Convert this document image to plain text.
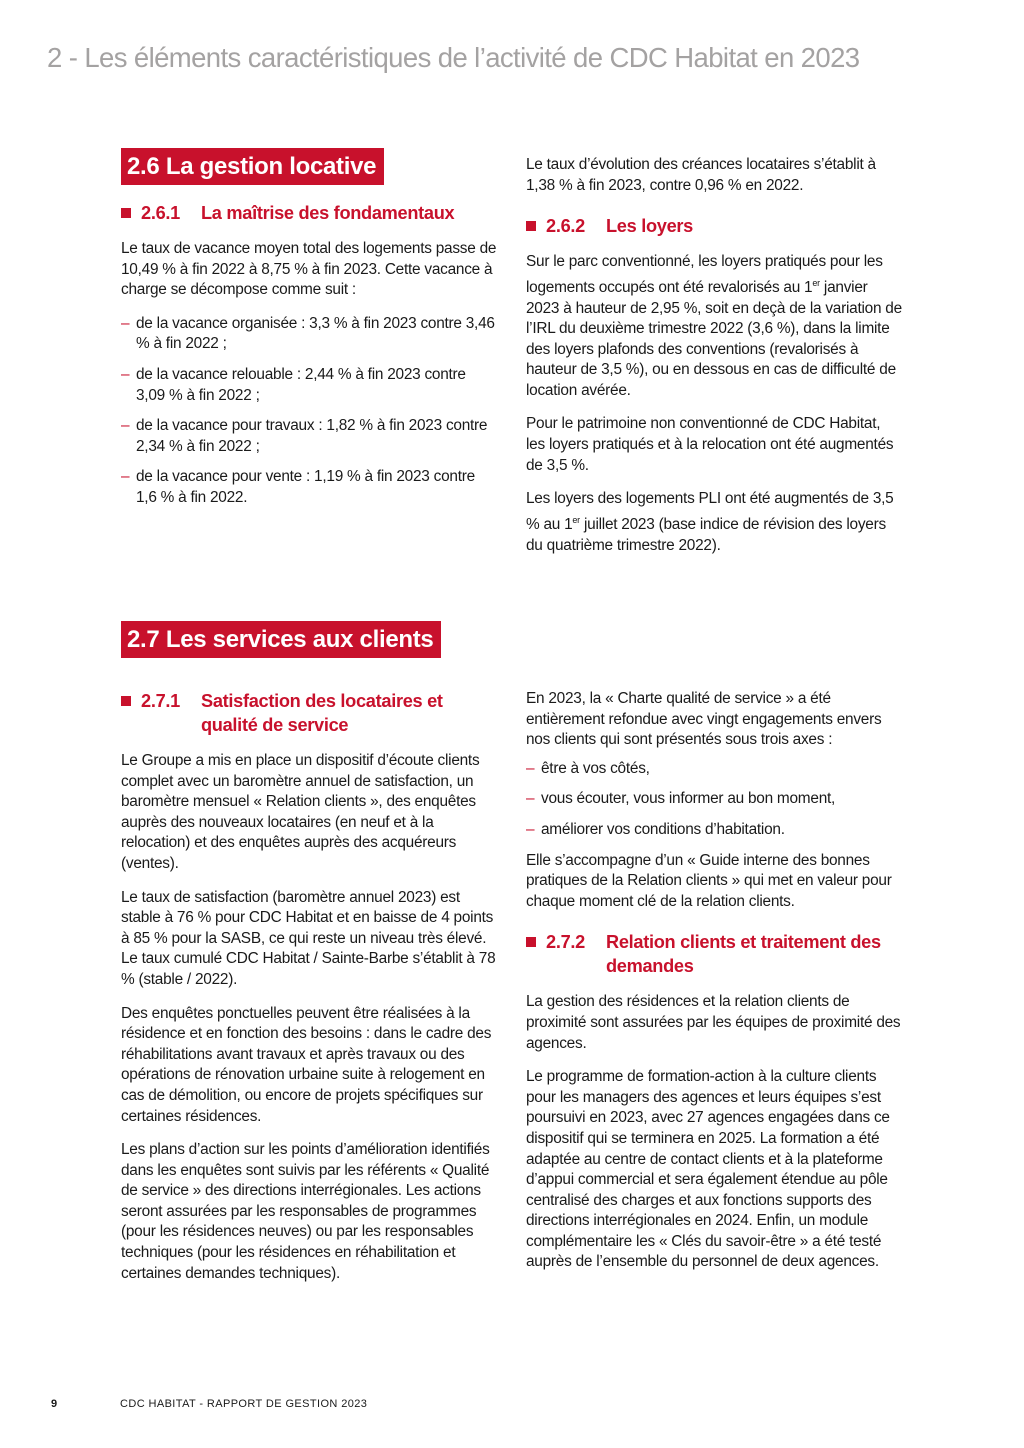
2 - Les éléments caractéristiques de l’activité de CDC Habitat en 2023
2.6 La gestion locative
2.6.1	La maîtrise des fondamentaux

Le taux de vacance moyen total des logements passe de 10,49 % à fin 2022 à 8,75 % à fin 2023. Cette vacance à charge se décompose comme suit :

– de la vacance organisée : 3,3 % à fin 2023 contre 3,46 % à fin 2022 ;
– de la vacance relouable : 2,44 % à fin 2023 contre 3,09 % à fin 2022 ;
– de la vacance pour travaux : 1,82 % à fin 2023 contre 2,34 % à fin 2022 ;
– de la vacance pour vente : 1,19 % à fin 2023 contre 1,6 % à fin 2022.

Le taux d’évolution des créances locataires s’établit à 1,38 % à fin 2023, contre 0,96 % en 2022.

2.6.2	Les loyers

Sur le parc conventionné, les loyers pratiqués pour les logements occupés ont été revalorisés au 1er janvier 2023 à hauteur de 2,95 %, soit en deçà de la variation de l’IRL du deuxième trimestre 2022 (3,6 %), dans la limite des loyers plafonds des conventions (revalorisés à hauteur de 3,5 %), ou en dessous en cas de difficulté de location avérée.

Pour le patrimoine non conventionné de CDC Habitat, les loyers pratiqués et à la relocation ont été augmentés de 3,5 %.

Les loyers des logements PLI ont été augmentés de 3,5 % au 1er juillet 2023 (base indice de révision des loyers du quatrième trimestre 2022).

2.7 Les services aux clients
2.7.1	Satisfaction des locataires et qualité de service

Le Groupe a mis en place un dispositif d’écoute clients complet avec un baromètre annuel de satisfaction, un baromètre mensuel « Relation clients », des enquêtes auprès des nouveaux locataires (en neuf et à la relocation) et des enquêtes auprès des acquéreurs (ventes).

Le taux de satisfaction (baromètre annuel 2023) est stable à 76 % pour CDC Habitat et en baisse de 4 points à 85 % pour la SASB, ce qui reste un niveau très élevé. Le taux cumulé CDC Habitat / Sainte-Barbe s’établit à 78 % (stable / 2022).

Des enquêtes ponctuelles peuvent être réalisées à la résidence et en fonction des besoins : dans le cadre des réhabilitations avant travaux et après travaux ou des opérations de rénovation urbaine suite à relogement en cas de démolition, ou encore de projets spécifiques sur certaines résidences.

Les plans d’action sur les points d’amélioration identifiés dans les enquêtes sont suivis par les référents « Qualité de service » des directions interrégionales. Les actions seront assurées par les responsables de programmes (pour les résidences neuves) ou par les responsables techniques (pour les résidences en réhabilitation et certaines demandes techniques).

En 2023, la « Charte qualité de service » a été entièrement refondue avec vingt engagements envers nos clients qui sont présentés sous trois axes :

– être à vos côtés,
– vous écouter, vous informer au bon moment,
– améliorer vos conditions d’habitation.

Elle s’accompagne d’un « Guide interne des bonnes pratiques de la Relation clients » qui met en valeur pour chaque moment clé de la relation clients.

2.7.2	Relation clients et traitement des demandes

La gestion des résidences et la relation clients de proximité sont assurées par les équipes de proximité des agences.

Le programme de formation-action à la culture clients pour les managers des agences et leurs équipes s’est poursuivi en 2023, avec 27 agences engagées dans ce dispositif qui se terminera en 2025. La formation a été adaptée au centre de contact clients et à la plateforme d’appui commercial et sera également étendue au pôle centralisé des charges et aux fonctions supports des directions interrégionales en 2024. Enfin, un module complémentaire les « Clés du savoir-être » a été testé auprès de l’ensemble du personnel de deux agences.

9	CDC HABITAT - RAPPORT DE GESTION 2023
